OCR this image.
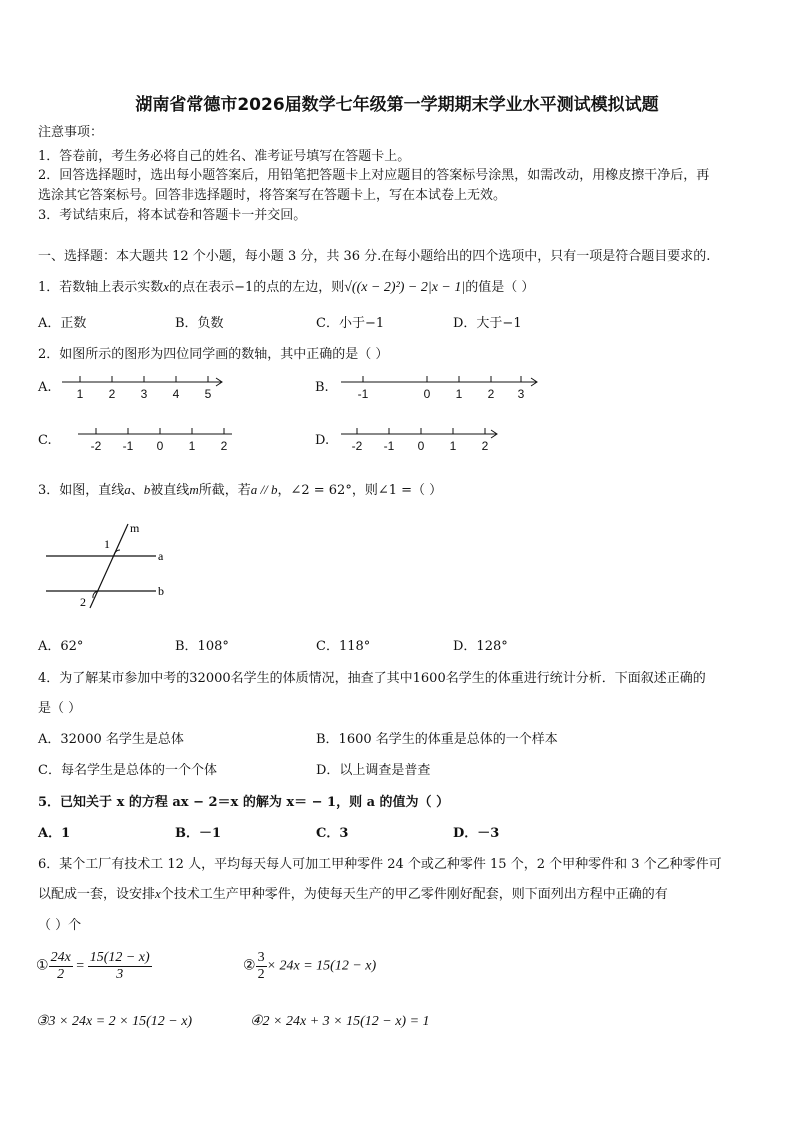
湖南省常德市2026届数学七年级第一学期期末学业水平测试模拟试题
注意事项：
1．答卷前，考生务必将自己的姓名、准考证号填写在答题卡上。
2．回答选择题时，选出每小题答案后，用铅笔把答题卡上对应题目的答案标号涂黑，如需改动，用橡皮擦干净后，再
选涂其它答案标号。回答非选择题时，将答案写在答题卡上，写在本试卷上无效。
3．考试结束后，将本试卷和答题卡一并交回。
一、选择题：本大题共 12 个小题，每小题 3 分，共 36 分.在每小题给出的四个选项中，只有一项是符合题目要求的.
1．若数轴上表示实数x的点在表示−1的点的左边，则√((x − 2)²) − 2|x − 1|的值是（ ）
A．正数	B．负数	C．小于−1	D．大于−1
2．如图所示的图形为四位同学画的数轴，其中正确的是（ ）
A. 1 2 3 4 5	B. -1	0 1 2 3
C.	-2 -1 0 1 2	D. -2 -1 0 1 2
3．如图，直线a、b被直线m所截，若a // b，∠2 = 62°，则∠1 =（ ）
m
1
a
b
2
A．62°	B．108°	C．118°	D．128°
4．为了解某市参加中考的32000名学生的体质情况，抽查了其中1600名学生的体重进行统计分析．下面叙述正确的
是（ ）
A．32000 名学生是总体	B．1600 名学生的体重是总体的一个样本
C．每名学生是总体的一个个体	D．以上调查是普查
5．已知关于 x 的方程 ax − 2＝x 的解为 x＝ − 1，则 a 的值为（ ）
A．1	B．－1	C．3	D．－3
6．某个工厂有技术工 12 人，平均每天每人可加工甲种零件 24 个或乙种零件 15 个，2 个甲种零件和 3 个乙种零件可
以配成一套，设安排x个技术工生产甲种零件，为使每天生产的甲乙零件刚好配套，则下面列出方程中正确的有
（ ）个
① $\frac{24x}{2} = \frac{15(12 - x)}{3}$	② $\frac{3}{2} \times 24x = 15(12 - x)$
③3 × 24x = 2 × 15(12 − x)	④2 × 24x + 3 × 15(12 − x) = 1
